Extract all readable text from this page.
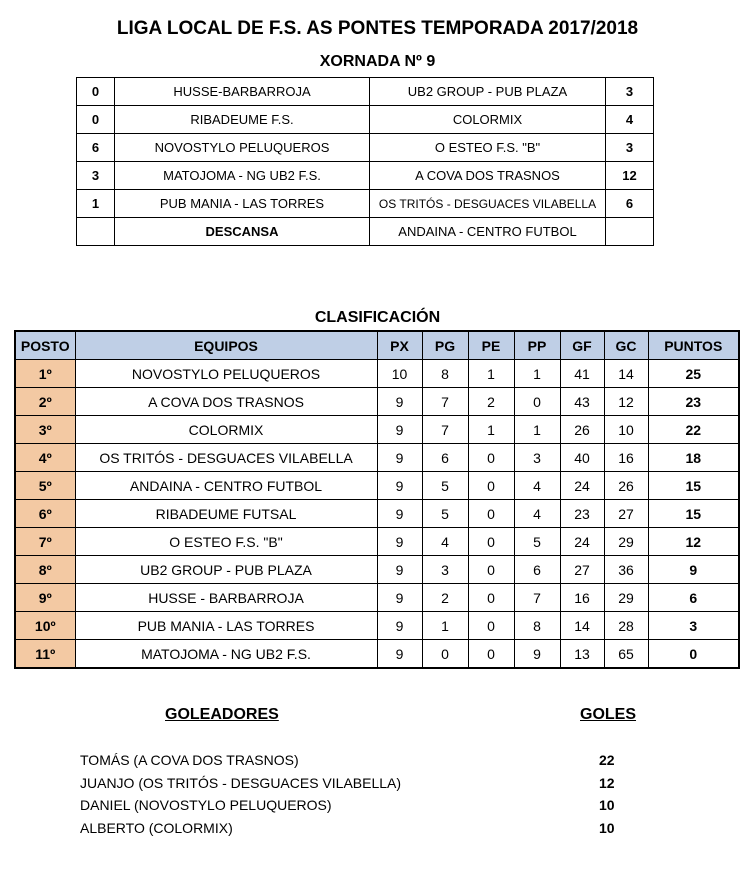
LIGA LOCAL DE F.S. AS PONTES TEMPORADA 2017/2018
XORNADA Nº 9
0	HUSSE-BARBARROJA	UB2 GROUP - PUB PLAZA	3
0	RIBADEUME F.S.	COLORMIX	4
6	NOVOSTYLO PELUQUEROS	O ESTEO F.S. "B"	3
3	MATOJOMA - NG UB2 F.S.	A COVA DOS TRASNOS	12
1	PUB MANIA - LAS TORRES	OS TRITÓS - DESGUACES VILABELLA	6
	DESCANSA	ANDAINA - CENTRO FUTBOL	
CLASIFICACIÓN
POSTO	EQUIPOS	PX	PG	PE	PP	GF	GC	PUNTOS
1º	NOVOSTYLO PELUQUEROS	10	8	1	1	41	14	25
2º	A COVA DOS TRASNOS	9	7	2	0	43	12	23
3º	COLORMIX	9	7	1	1	26	10	22
4º	OS TRITÓS - DESGUACES VILABELLA	9	6	0	3	40	16	18
5º	ANDAINA - CENTRO FUTBOL	9	5	0	4	24	26	15
6º	RIBADEUME FUTSAL	9	5	0	4	23	27	15
7º	O ESTEO F.S. "B"	9	4	0	5	24	29	12
8º	UB2 GROUP - PUB PLAZA	9	3	0	6	27	36	9
9º	HUSSE - BARBARROJA	9	2	0	7	16	29	6
10º	PUB MANIA - LAS TORRES	9	1	0	8	14	28	3
11º	MATOJOMA - NG UB2 F.S.	9	0	0	9	13	65	0
GOLEADORES	GOLES
TOMÁS (A COVA DOS TRASNOS)	22
JUANJO (OS TRITÓS - DESGUACES VILABELLA)	12
DANIEL (NOVOSTYLO PELUQUEROS)	10
ALBERTO (COLORMIX)	10
